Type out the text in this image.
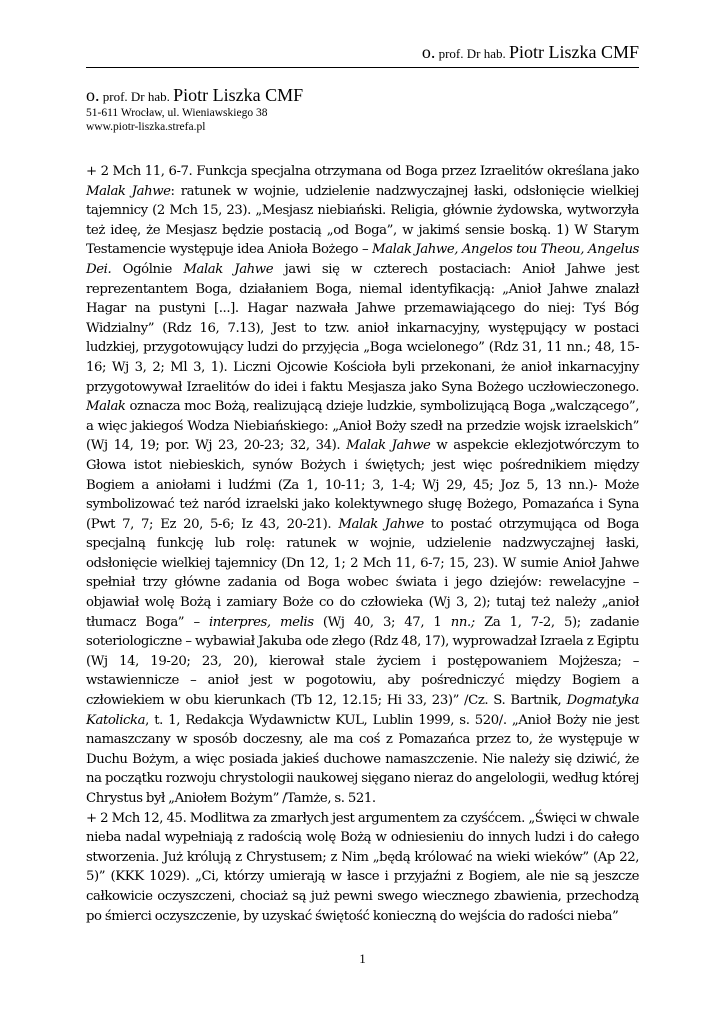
o. prof. Dr hab. Piotr Liszka CMF
o. prof. Dr hab. Piotr Liszka CMF
51-611 Wrocław, ul. Wieniawskiego 38
www.piotr-liszka.strefa.pl

+ 2 Mch 11, 6-7. Funkcja specjalna otrzymana od Boga przez Izraelitów określana jako Malak Jahwe: ratunek w wojnie, udzielenie nadzwyczajnej łaski, odsłonięcie wielkiej tajemnicy (2 Mch 15, 23). „Mesjasz niebiański. Religia, głównie żydowska, wytworzyła też ideę, że Mesjasz będzie postacią „od Boga”, w jakimś sensie boską. 1) W Starym Testamencie występuje idea Anioła Bożego – Malak Jahwe, Angelos tou Theou, Angelus Dei. Ogólnie Malak Jahwe jawi się w czterech postaciach: Anioł Jahwe jest reprezentantem Boga, działaniem Boga, niemal identyfikacją: „Anioł Jahwe znalazł Hagar na pustyni [...]. Hagar nazwała Jahwe przemawiającego do niej: Tyś Bóg Widzialny” (Rdz 16, 7.13), Jest to tzw. anioł inkarnacyjny, występujący w postaci ludzkiej, przygotowujący ludzi do przyjęcia „Boga wcielonego” (Rdz 31, 11 nn.; 48, 15-16; Wj 3, 2; Ml 3, 1). Liczni Ojcowie Kościoła byli przekonani, że anioł inkarnacyjny przygotowywał Izraelitów do idei i faktu Mesjasza jako Syna Bożego uczłowieczonego. Malak oznacza moc Bożą, realizującą dzieje ludzkie, symbolizującą Boga „walczącego”, a więc jakiegoś Wodza Niebiańskiego: „Anioł Boży szedł na przedzie wojsk izraelskich” (Wj 14, 19; por. Wj 23, 20-23; 32, 34). Malak Jahwe w aspekcie eklezjotwórczym to Głowa istot niebieskich, synów Bożych i świętych; jest więc pośrednikiem między Bogiem a aniołami i ludźmi (Za 1, 10-11; 3, 1-4; Wj 29, 45; Joz 5, 13 nn.)- Może symbolizować też naród izraelski jako kolektywnego sługę Bożego, Pomazańca i Syna (Pwt 7, 7; Ez 20, 5-6; Iz 43, 20-21). Malak Jahwe to postać otrzymująca od Boga specjalną funkcję lub rolę: ratunek w wojnie, udzielenie nadzwyczajnej łaski, odsłonięcie wielkiej tajemnicy (Dn 12, 1; 2 Mch 11, 6-7; 15, 23). W sumie Anioł Jahwe spełniał trzy główne zadania od Boga wobec świata i jego dziejów: rewelacyjne – objawiał wolę Bożą i zamiary Boże co do człowieka (Wj 3, 2); tutaj też należy „anioł tłumacz Boga” – interpres, melis (Wj 40, 3; 47, 1 nn.; Za 1, 7-2, 5); zadanie soteriologiczne – wybawiał Jakuba ode złego (Rdz 48, 17), wyprowadzał Izraela z Egiptu (Wj 14, 19-20; 23, 20), kierował stale życiem i postępowaniem Mojżesza; – wstawiennicze – anioł jest w pogotowiu, aby pośredniczyć między Bogiem a człowiekiem w obu kierunkach (Tb 12, 12.15; Hi 33, 23)” /Cz. S. Bartnik, Dogmatyka Katolicka, t. 1, Redakcja Wydawnictw KUL, Lublin 1999, s. 520/. „Anioł Boży nie jest namaszczany w sposób doczesny, ale ma coś z Pomazańca przez to, że występuje w Duchu Bożym, a więc posiada jakieś duchowe namaszczenie. Nie należy się dziwić, że na początku rozwoju chrystologii naukowej sięgano nieraz do angelologii, według której Chrystus był „Aniołem Bożym” /Tamże, s. 521.

+ 2 Mch 12, 45. Modlitwa za zmarłych jest argumentem za czyśćcem. „Święci w chwale nieba nadal wypełniają z radością wolę Bożą w odniesieniu do innych ludzi i do całego stworzenia. Już królują z Chrystusem; z Nim „będą królować na wieki wieków” (Ap 22, 5)” (KKK 1029). „Ci, którzy umierają w łasce i przyjaźni z Bogiem, ale nie są jeszcze całkowicie oczyszczeni, chociaż są już pewni swego wiecznego zbawienia, przechodzą po śmierci oczyszczenie, by uzyskać świętość konieczną do wejścia do radości nieba”

1
